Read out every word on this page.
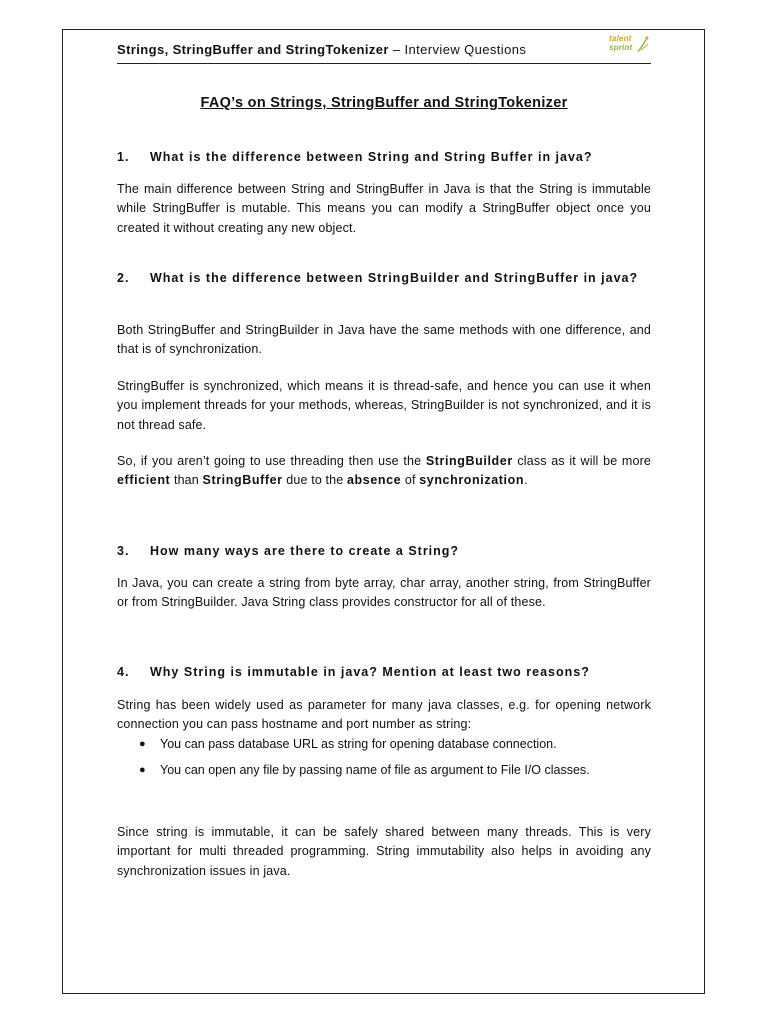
Strings, StringBuffer and StringTokenizer – Interview Questions
talent
sprint
FAQ’s on Strings, StringBuffer and StringTokenizer
1.	What is the difference between String and String Buffer in java?
The main difference between String and StringBuffer in Java is that the String is immutable while StringBuffer is mutable. This means you can modify a StringBuffer object once you created it without creating any new object.
2.	What is the difference between StringBuilder and StringBuffer in java?
Both StringBuffer and StringBuilder in Java have the same methods with one difference, and that is of synchronization.
StringBuffer is synchronized, which means it is thread-safe, and hence you can use it when you implement threads for your methods, whereas, StringBuilder is not synchronized, and it is not thread safe.
So, if you aren’t going to use threading then use the StringBuilder class as it will be more efficient than StringBuffer due to the absence of synchronization.
3.	How many ways are there to create a String?
In Java, you can create a string from byte array, char array, another string, from StringBuffer or from StringBuilder. Java String class provides constructor for all of these.
4.	Why String is immutable in java? Mention at least two reasons?
String has been widely used as parameter for many java classes, e.g. for opening network connection you can pass hostname and port number as string:
● You can pass database URL as string for opening database connection.
● You can open any file by passing name of file as argument to File I/O classes.
Since string is immutable, it can be safely shared between many threads. This is very important for multi threaded programming. String immutability also helps in avoiding any synchronization issues in java.
